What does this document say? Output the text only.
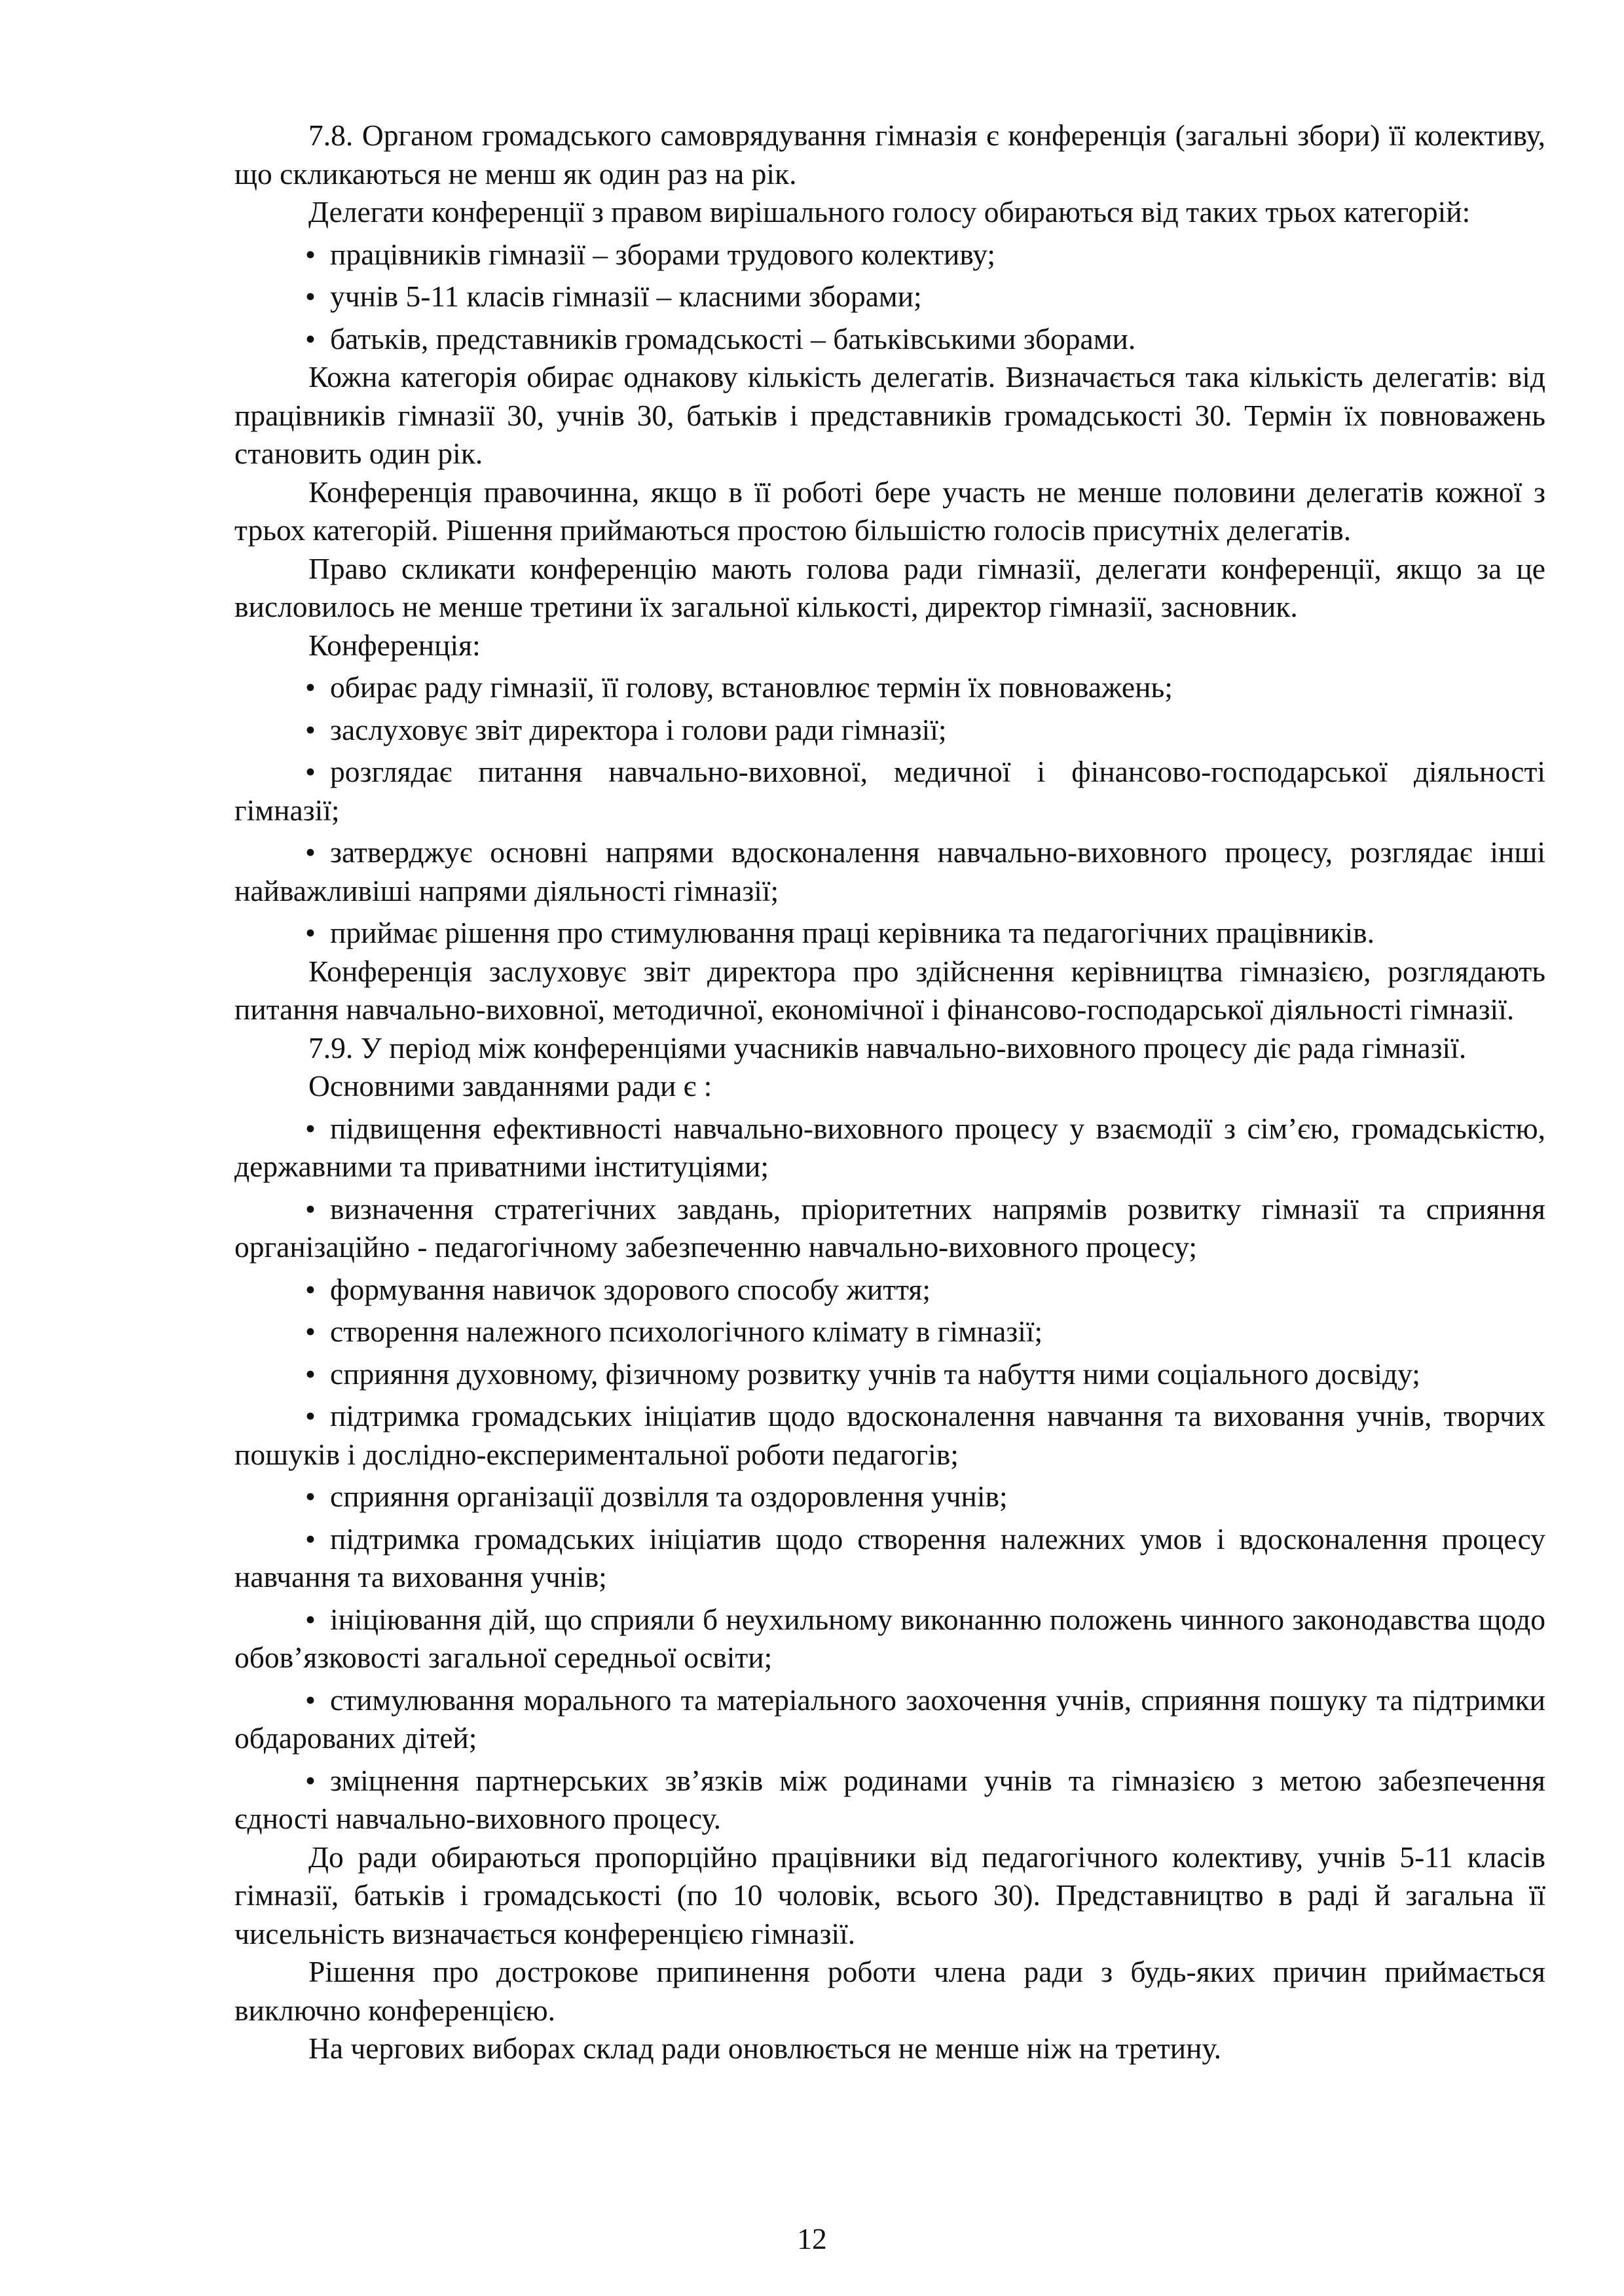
7.8. Органом громадського самоврядування гімназія є конференція (загальні збори) її колективу, що скликаються не менш як один раз на рік.

Делегати конференції з правом вирішального голосу обираються від таких трьох категорій:

• працівників гімназії – зборами трудового колективу;

• учнів 5-11 класів гімназії – класними зборами;

• батьків, представників громадськості – батьківськими зборами.

Кожна категорія обирає однакову кількість делегатів. Визначається така кількість делегатів: від працівників гімназії 30, учнів 30, батьків і представників громадськості 30. Термін їх повноважень становить один рік.

Конференція правочинна, якщо в її роботі бере участь не менше половини делегатів кожної з трьох категорій. Рішення приймаються простою більшістю голосів присутніх делегатів.

Право скликати конференцію мають голова ради гімназії, делегати конференції, якщо за це висловилось не менше третини їх загальної кількості, директор гімназії, засновник.

Конференція:

• обирає раду гімназії, її голову, встановлює термін їх повноважень;

• заслуховує звіт директора і голови ради гімназії;

• розглядає питання навчально-виховної, медичної і фінансово-господарської діяльності гімназії;

• затверджує основні напрями вдосконалення навчально-виховного процесу, розглядає інші найважливіші напрями діяльності гімназії;

• приймає рішення про стимулювання праці керівника та педагогічних працівників.

Конференція заслуховує звіт директора про здійснення керівництва гімназією, розглядають питання навчально-виховної, методичної, економічної і фінансово-господарської діяльності гімназії.

7.9. У період між конференціями учасників навчально-виховного процесу діє рада гімназії.

Основними завданнями ради є :

• підвищення ефективності навчально-виховного процесу у взаємодії з сім’єю, громадськістю, державними та приватними інституціями;

• визначення стратегічних завдань, пріоритетних напрямів розвитку гімназії та сприяння організаційно - педагогічному забезпеченню навчально-виховного процесу;

• формування навичок здорового способу життя;

• створення належного психологічного клімату в гімназії;

• сприяння духовному, фізичному розвитку учнів та набуття ними соціального досвіду;

• підтримка громадських ініціатив щодо вдосконалення навчання та виховання учнів, творчих пошуків і дослідно-експериментальної роботи педагогів;

• сприяння організації дозвілля та оздоровлення учнів;

• підтримка громадських ініціатив щодо створення належних умов і вдосконалення процесу навчання та виховання учнів;

• ініціювання дій, що сприяли б неухильному виконанню положень чинного законодавства щодо обов’язковості загальної середньої освіти;

• стимулювання морального та матеріального заохочення учнів, сприяння пошуку та підтримки обдарованих дітей;

• зміцнення партнерських зв’язків між родинами учнів та гімназією з метою забезпечення єдності навчально-виховного процесу.

До ради обираються пропорційно працівники від педагогічного колективу, учнів 5-11 класів гімназії, батьків і громадськості (по 10 чоловік, всього 30). Представництво в раді й загальна її чисельність визначається конференцією гімназії.

Рішення про дострокове припинення роботи члена ради з будь-яких причин приймається виключно конференцією.

На чергових виборах склад ради оновлюється не менше ніж на третину.

12
